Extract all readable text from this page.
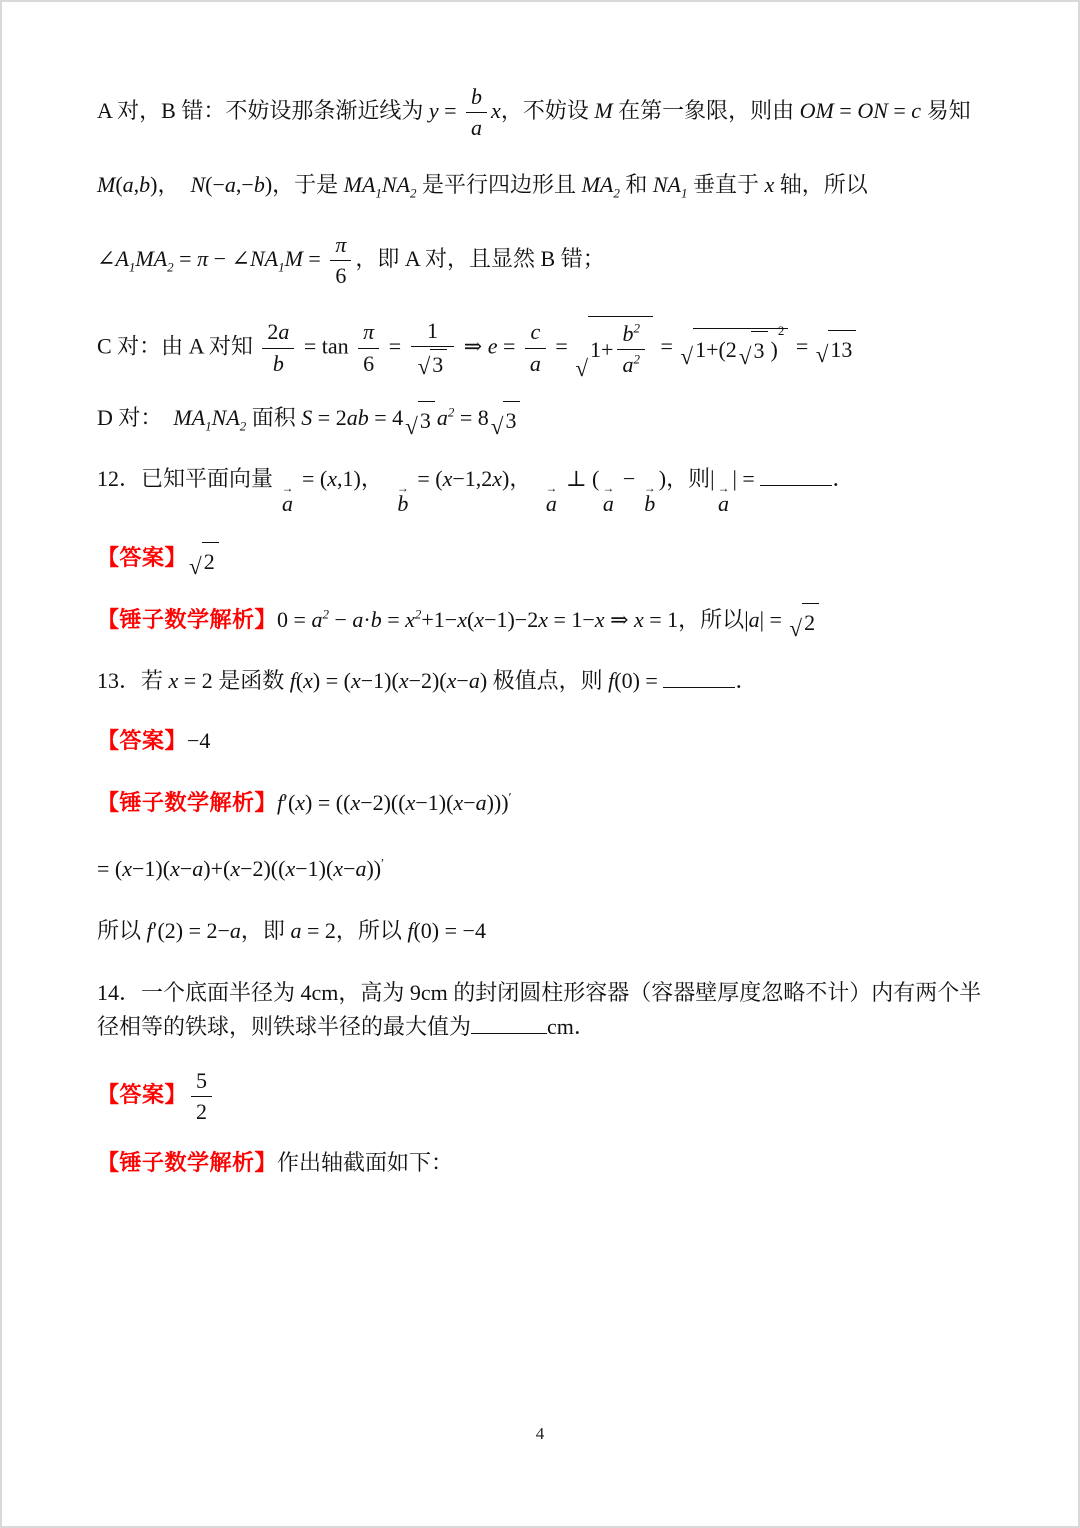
A 对，B 错：不妨设那条渐近线为 $y = \frac{b}{a}$ x，不妨设 M 在第一象限，则由 OM = ON = c 易知
M(a,b)，  N(−a,−b)，于是 $MA_1NA_2$ 是平行四边形且 $MA_2$ 和 $NA_1$ 垂直于 x 轴，所以
$\angle A_1MA_2 = \pi$ − $\angle NA_1M = \frac{\pi}{6}$ ，即 A 对，且显然 B 错；
C 对：由 A 对知 $\frac{2a}{b} = \tan \frac{\pi}{6} = \frac{1}{√ 3}$ ⇒ $e = \frac{c}{a}$ =
√
$1+ \frac{b^2}{a^2}$ = √ 1+(2 √ 3 )
2
= √ 13
D 对：  $MA_1NA_2$ 面积 S = 2ab = 4 √ 3 $a^2 = 8$ √ 3
12．已知平面向量 →
a
= (x,1)， →
b
= (x−1,2x)， →
a
⊥ ( →
a
− →
b
)，则| →
a
| =	．
【答案】 √ 2
【锤子数学解析】$0 = a^2 - a\cdot b = x^2+1-x(x-1)-2x = 1-x$ ⇒ x = 1，所以|a| = √ 2
13．若 x = 2 是函数 f(x) = (x−1)(x−2)(x−a) 极值点，则 f(0) =	．
【答案】−4
【锤子数学解析】f′(x) = ((x−2)((x−1)(x−a)))′
= (x−1)(x−a)+(x−2)((x−1)(x−a))′
所以 f′(2) = 2−a，即 a = 2，所以 f(0) = −4
14．一个底面半径为 4cm，高为 9cm 的封闭圆柱形容器（容器壁厚度忽略不计）内有两个半径相等的铁球，则铁球半径的最大值为	cm．
【答案】 $\frac{5}{2}$
【锤子数学解析】作出轴截面如下：
4
